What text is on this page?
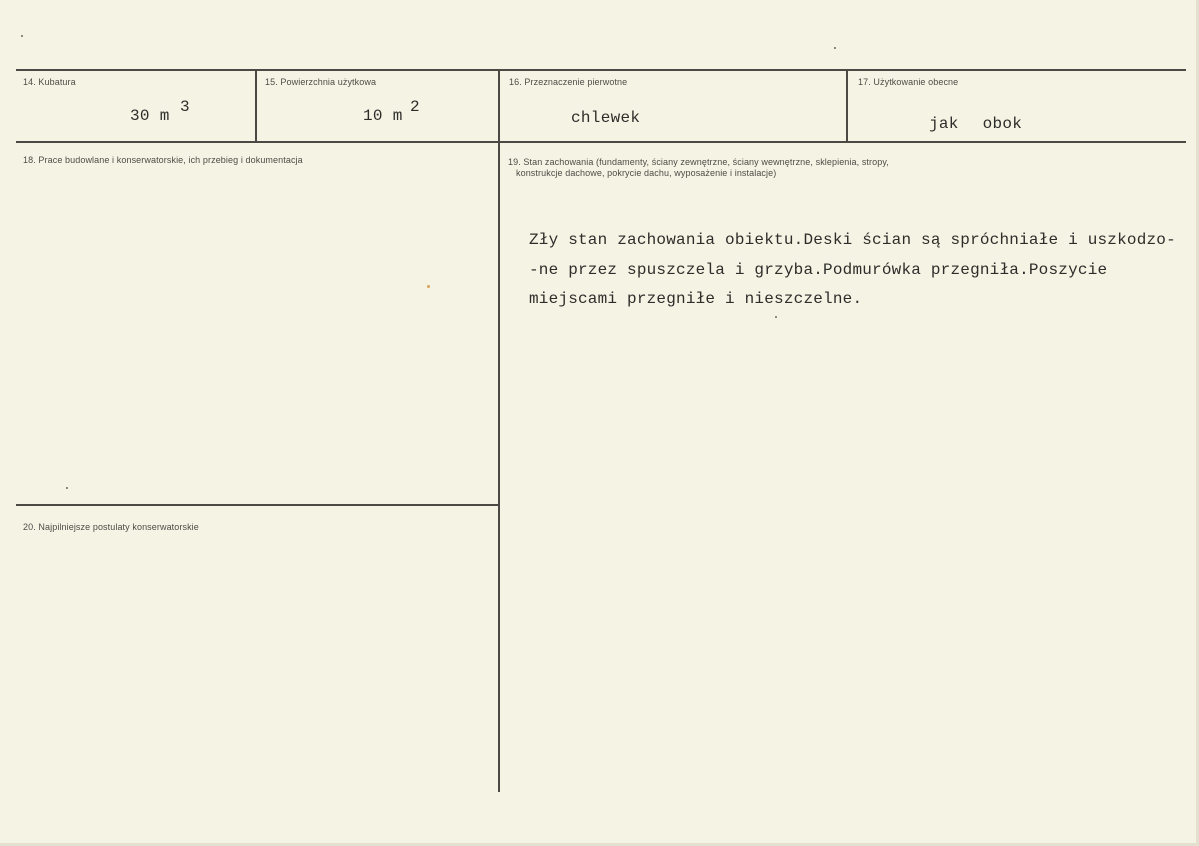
14. Kubatura
30 m 3
15. Powierzchnia użytkowa
10 m 2
16. Przeznaczenie pierwotne
chlewek
17. Użytkowanie obecne
jak obok
18. Prace budowlane i konserwatorskie, ich przebieg i dokumentacja	19. Stan zachowania (fundamenty, ściany zewnętrzne, ściany wewnętrzne, sklepienia, stropy,
konstrukcje dachowe, pokrycie dachu, wyposażenie i instalacje)
Zły stan zachowania obiektu.Deski ścian są spróchniałe i uszkodzo-
-ne przez spuszczela i grzyba.Podmurówka przegniła.Poszycie
miejscami przegniłe i nieszczelne.
20. Najpilniejsze postulaty konserwatorskie
